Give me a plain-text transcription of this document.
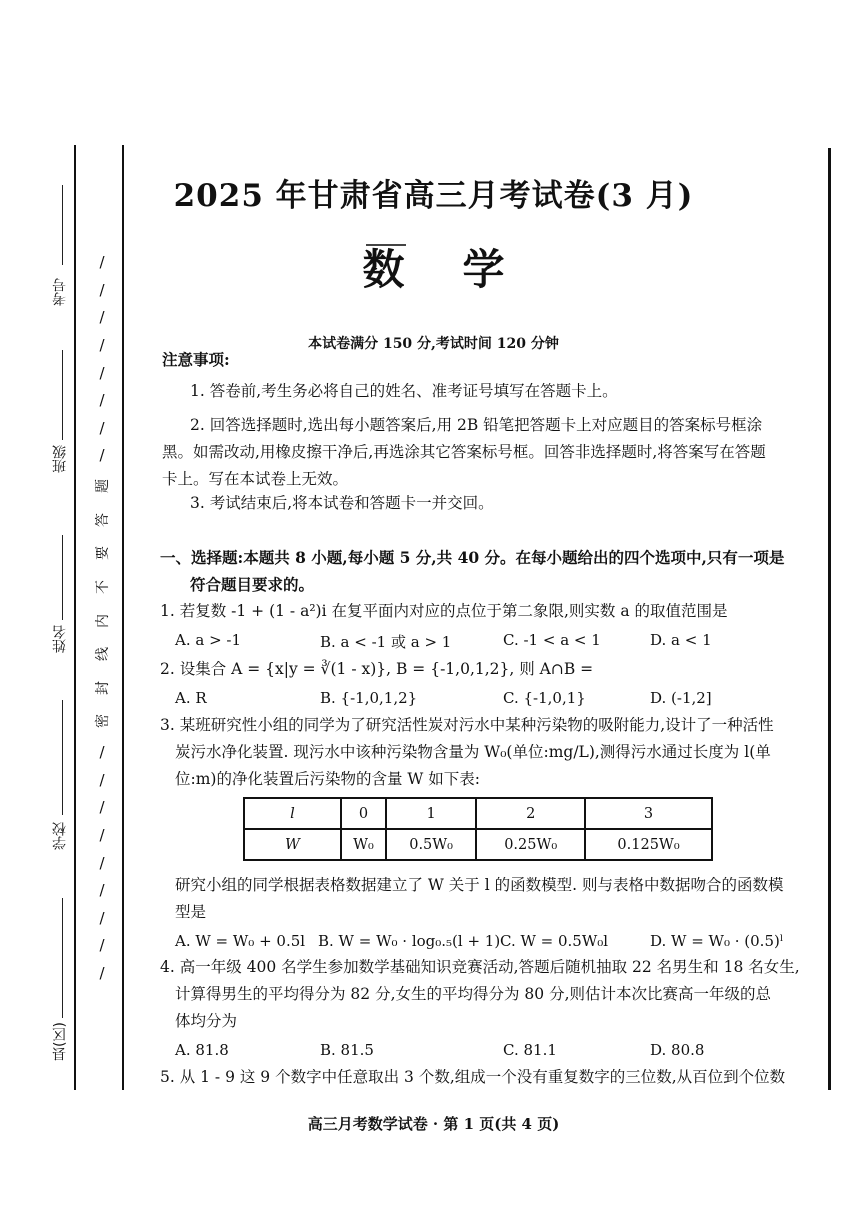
考号
班级
姓名
学校
县(区)
/
/
/
/
/
/
/
/
题
答
要
不
内
线
封
密
/
/
/
/
/
/
/
/
/
2025 年甘肃省高三月考试卷(3 月)
数学
本试卷满分 150 分,考试时间 120 分钟
注意事项:
1. 答卷前,考生务必将自己的姓名、准考证号填写在答题卡上。
2. 回答选择题时,选出每小题答案后,用 2B 铅笔把答题卡上对应题目的答案标号框涂
黑。如需改动,用橡皮擦干净后,再选涂其它答案标号框。回答非选择题时,将答案写在答题
卡上。写在本试卷上无效。
3. 考试结束后,将本试卷和答题卡一并交回。
一、选择题:本题共 8 小题,每小题 5 分,共 40 分。在每小题给出的四个选项中,只有一项是
符合题目要求的。
1. 若复数 -1 + (1 - a²)i 在复平面内对应的点位于第二象限,则实数 a 的取值范围是
A. a > -1	B. a < -1 或 a > 1	C. -1 < a < 1	D. a < 1
2. 设集合 A = {x|y = ∛(1 - x)}, B = {-1,0,1,2}, 则 A∩B =
A. R	B. {-1,0,1,2}	C. {-1,0,1}	D. (-1,2]
3. 某班研究性小组的同学为了研究活性炭对污水中某种污染物的吸附能力,设计了一种活性
炭污水净化装置. 现污水中该种污染物含量为 W₀(单位:mg/L),测得污水通过长度为 l(单
位:m)的净化装置后污染物的含量 W 如下表:
l	0	1	2	3
W	W₀	0.5W₀	0.25W₀	0.125W₀
研究小组的同学根据表格数据建立了 W 关于 l 的函数模型. 则与表格中数据吻合的函数模
型是
A. W = W₀ + 0.5l B. W = W₀ · log₀.₅(l + 1) C. W = 0.5W₀l	D. W = W₀ · (0.5)ˡ
4. 高一年级 400 名学生参加数学基础知识竞赛活动,答题后随机抽取 22 名男生和 18 名女生,
计算得男生的平均得分为 82 分,女生的平均得分为 80 分,则估计本次比赛高一年级的总
体均分为
A. 81.8	B. 81.5	C. 81.1	D. 80.8
5. 从 1 - 9 这 9 个数字中任意取出 3 个数,组成一个没有重复数字的三位数,从百位到个位数
高三月考数学试卷 · 第 1 页(共 4 页)
